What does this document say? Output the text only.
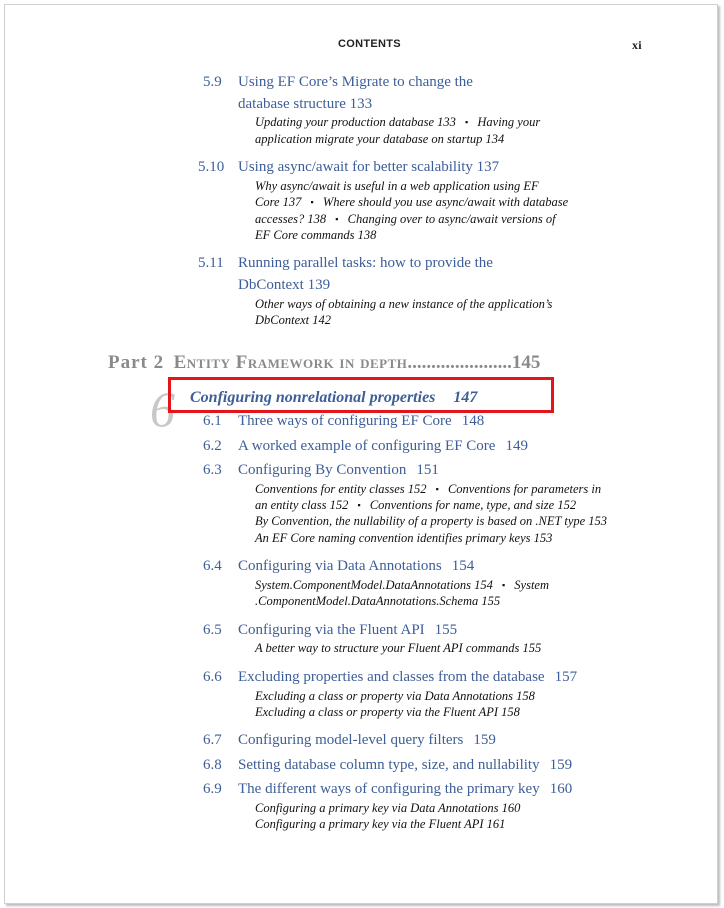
CONTENTS	xi
5.9 Using EF Core’s Migrate to change the
database structure 133
Updating your production database 133 ▪ Having your
application migrate your database on startup 134
5.10 Using async/await for better scalability 137
Why async/await is useful in a web application using EF
Core 137 ▪ Where should you use async/await with database
accesses? 138 ▪ Changing over to async/await versions of
EF Core commands 138
5.11 Running parallel tasks: how to provide the
DbContext 139
Other ways of obtaining a new instance of the application’s
DbContext 142
Part 2 Entity Framework in depth......................145
6 Configuring nonrelational properties 147
6.1 Three ways of configuring EF Core 148
6.2 A worked example of configuring EF Core 149
6.3 Configuring By Convention 151
Conventions for entity classes 152 ▪ Conventions for parameters in
an entity class 152 ▪ Conventions for name, type, and size 152
By Convention, the nullability of a property is based on .NET type 153
An EF Core naming convention identifies primary keys 153
6.4 Configuring via Data Annotations 154
System.ComponentModel.DataAnnotations 154 ▪ System
.ComponentModel.DataAnnotations.Schema 155
6.5 Configuring via the Fluent API 155
A better way to structure your Fluent API commands 155
6.6 Excluding properties and classes from the database 157
Excluding a class or property via Data Annotations 158
Excluding a class or property via the Fluent API 158
6.7 Configuring model-level query filters 159
6.8 Setting database column type, size, and nullability 159
6.9 The different ways of configuring the primary key 160
Configuring a primary key via Data Annotations 160
Configuring a primary key via the Fluent API 161
